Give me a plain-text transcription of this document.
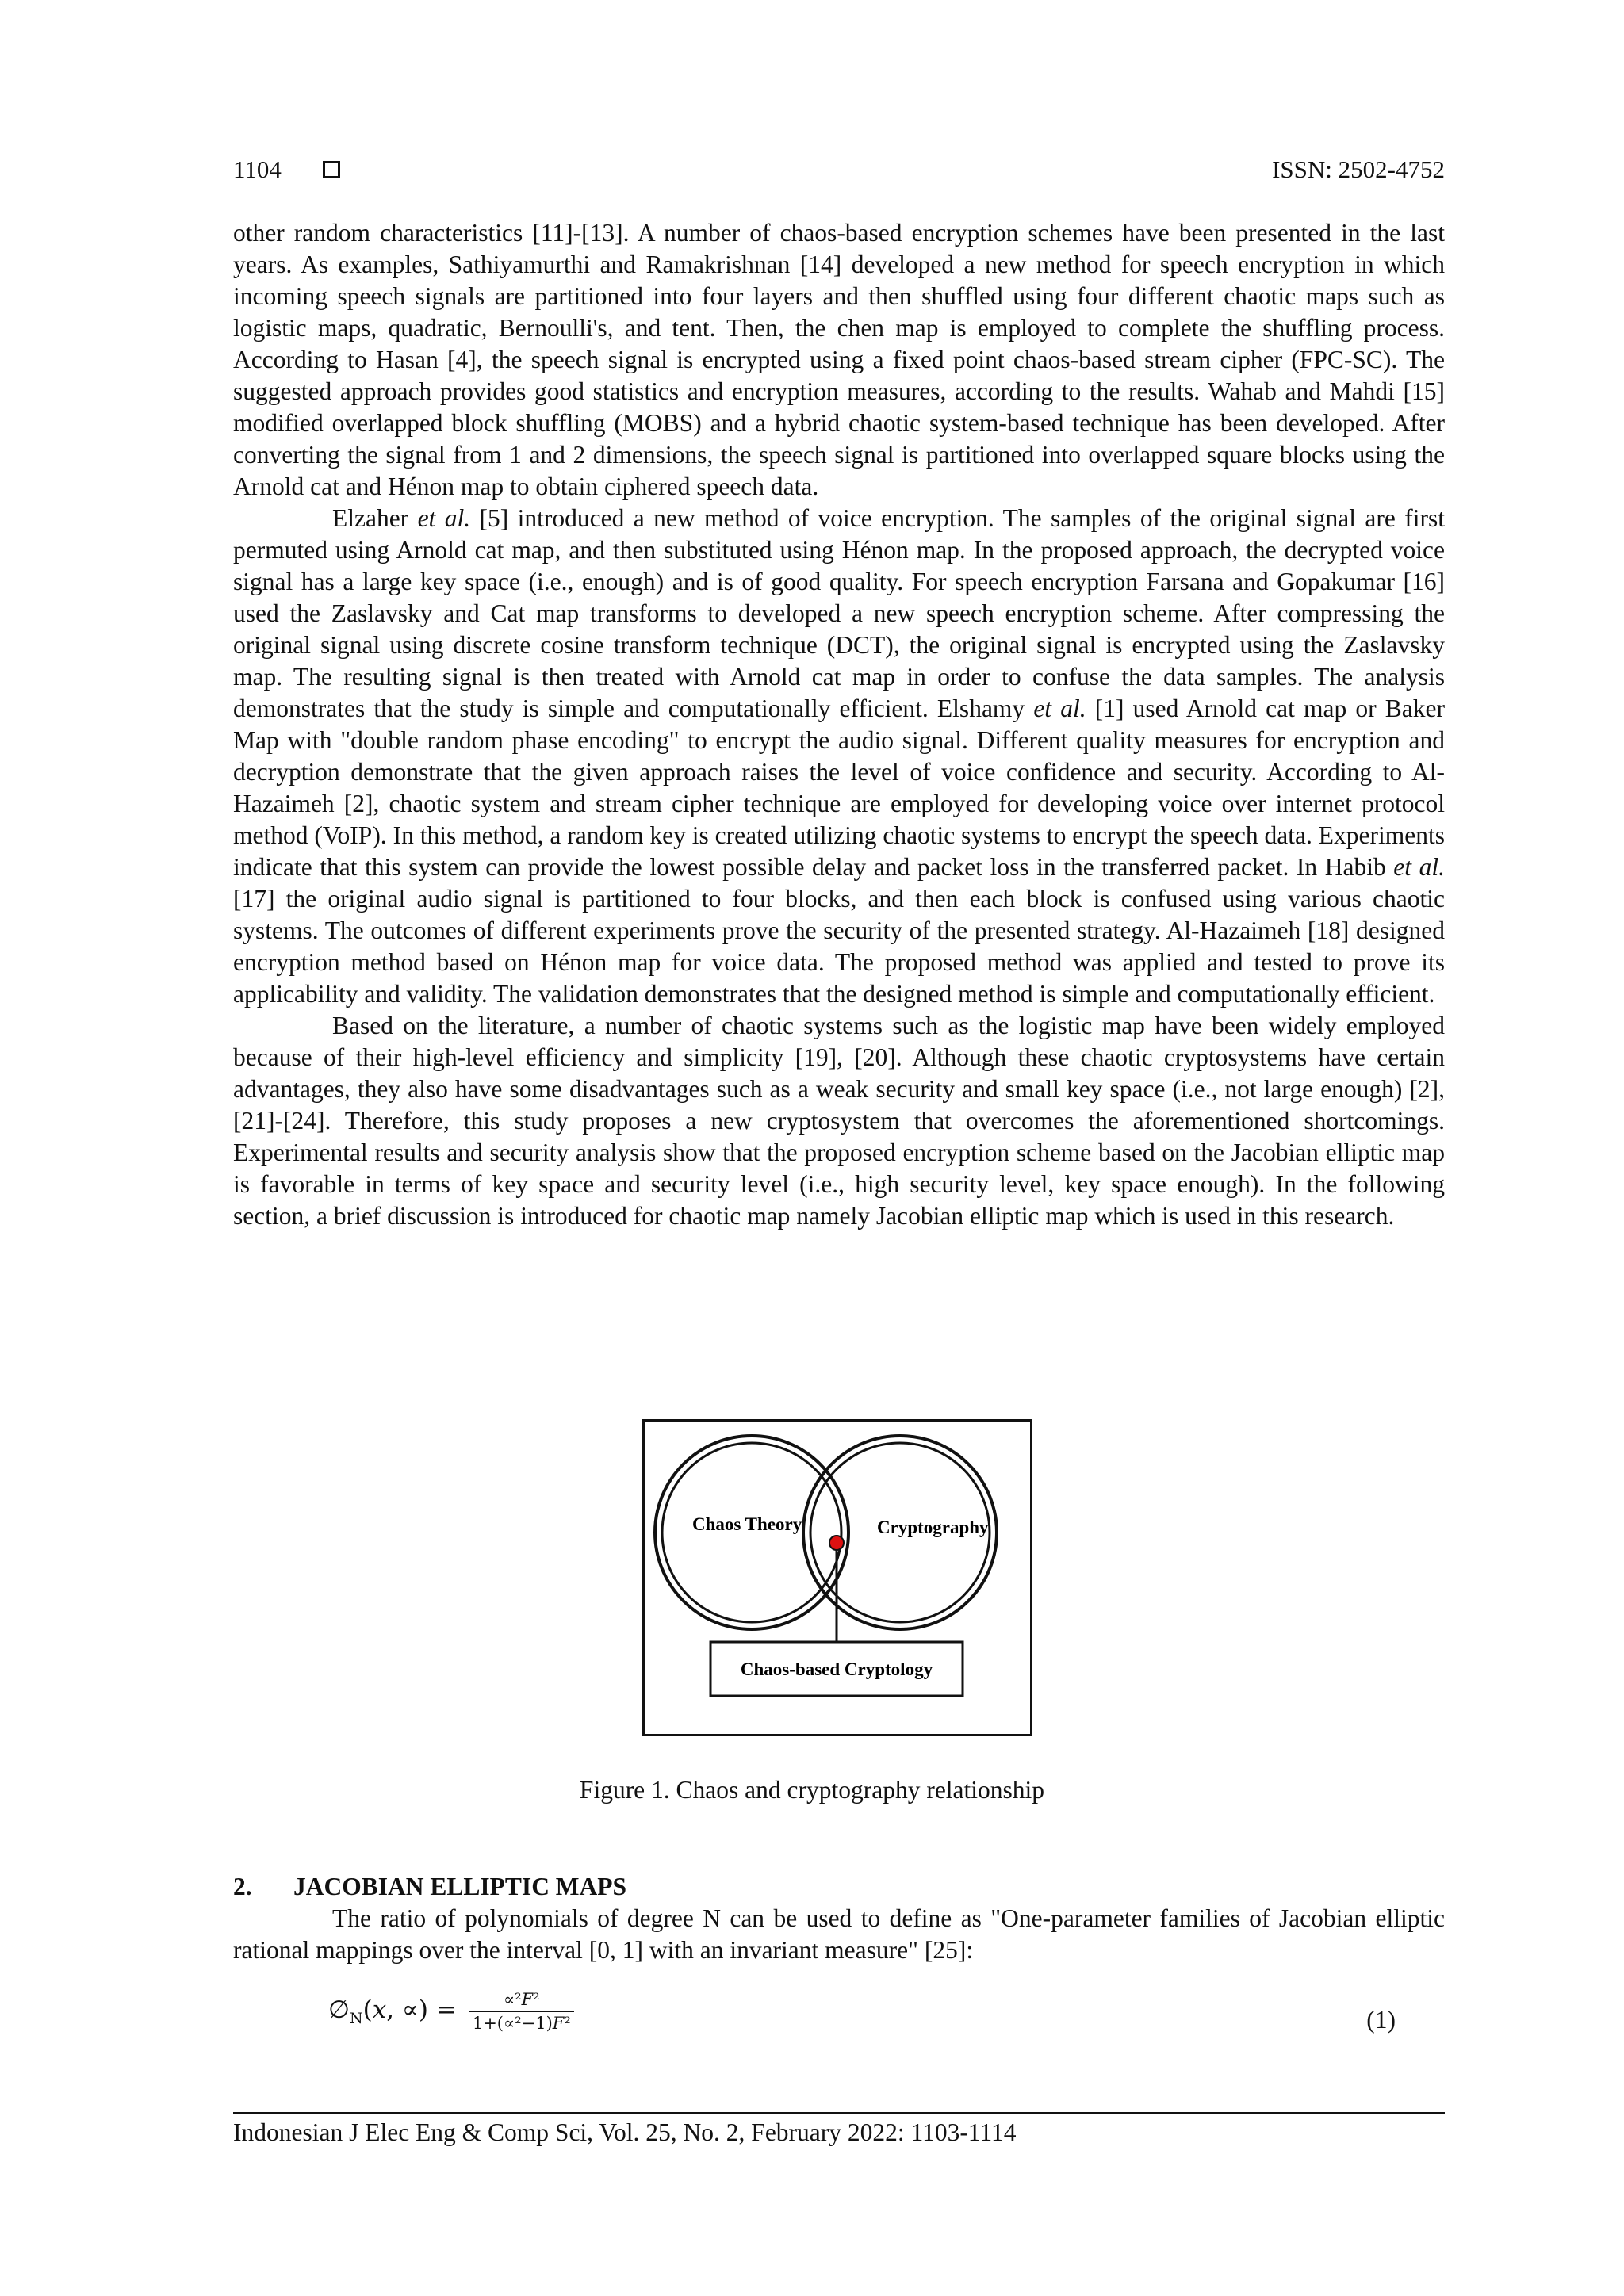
1104	ISSN: 2502-4752

other random characteristics [11]-[13]. A number of chaos-based encryption schemes have been presented in the last years. As examples, Sathiyamurthi and Ramakrishnan [14] developed a new method for speech encryption in which incoming speech signals are partitioned into four layers and then shuffled using four different chaotic maps such as logistic maps, quadratic, Bernoulli's, and tent. Then, the chen map is employed to complete the shuffling process. According to Hasan [4], the speech signal is encrypted using a fixed point chaos-based stream cipher (FPC-SC). The suggested approach provides good statistics and encryption measures, according to the results. Wahab and Mahdi [15] modified overlapped block shuffling (MOBS) and a hybrid chaotic system-based technique has been developed. After converting the signal from 1 and 2 dimensions, the speech signal is partitioned into overlapped square blocks using the Arnold cat and Hénon map to obtain ciphered speech data.

Elzaher et al. [5] introduced a new method of voice encryption. The samples of the original signal are first permuted using Arnold cat map, and then substituted using Hénon map. In the proposed approach, the decrypted voice signal has a large key space (i.e., enough) and is of good quality. For speech encryption Farsana and Gopakumar [16] used the Zaslavsky and Cat map transforms to developed a new speech encryption scheme. After compressing the original signal using discrete cosine transform technique (DCT), the original signal is encrypted using the Zaslavsky map. The resulting signal is then treated with Arnold cat map in order to confuse the data samples. The analysis demonstrates that the study is simple and computationally efficient. Elshamy et al. [1] used Arnold cat map or Baker Map with "double random phase encoding" to encrypt the audio signal. Different quality measures for encryption and decryption demonstrate that the given approach raises the level of voice confidence and security. According to Al-Hazaimeh [2], chaotic system and stream cipher technique are employed for developing voice over internet protocol method (VoIP). In this method, a random key is created utilizing chaotic systems to encrypt the speech data. Experiments indicate that this system can provide the lowest possible delay and packet loss in the transferred packet. In Habib et al. [17] the original audio signal is partitioned to four blocks, and then each block is confused using various chaotic systems. The outcomes of different experiments prove the security of the presented strategy. Al-Hazaimeh [18] designed encryption method based on Hénon map for voice data. The proposed method was applied and tested to prove its applicability and validity. The validation demonstrates that the designed method is simple and computationally efficient.

Based on the literature, a number of chaotic systems such as the logistic map have been widely employed because of their high-level efficiency and simplicity [19], [20]. Although these chaotic cryptosystems have certain advantages, they also have some disadvantages such as a weak security and small key space (i.e., not large enough) [2], [21]-[24]. Therefore, this study proposes a new cryptosystem that overcomes the aforementioned shortcomings. Experimental results and security analysis show that the proposed encryption scheme based on the Jacobian elliptic map is favorable in terms of key space and security level (i.e., high security level, key space enough). In the following section, a brief discussion is introduced for chaotic map namely Jacobian elliptic map which is used in this research.

Chaos Theory	Cryptography
Chaos-based Cryptology
Figure 1. Chaos and cryptography relationship
2. JACOBIAN ELLIPTIC MAPS

The ratio of polynomials of degree N can be used to define as "One-parameter families of Jacobian elliptic rational mappings over the interval [0, 1] with an invariant measure" [25]:

$\emptyset_N(𝑥$, ∝) = $\frac{\text{∝²𝐹²}}{\text{1+(∝²−1)𝐹²}}$	(1)
Indonesian J Elec Eng & Comp Sci, Vol. 25, No. 2, February 2022: 1103-1114
